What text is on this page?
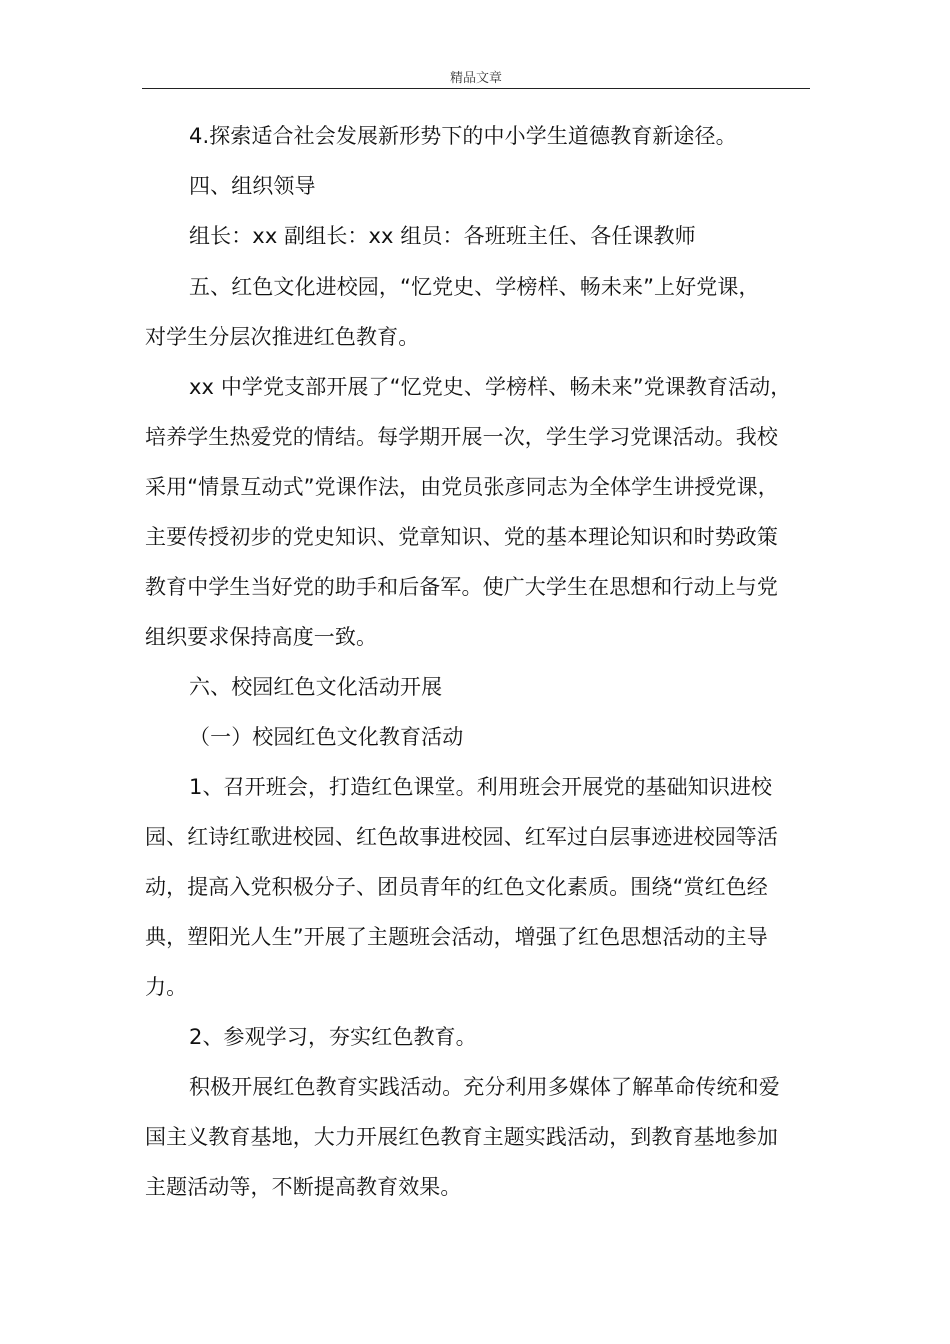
精品文章
4.探索适合社会发展新形势下的中小学生道德教育新途径。
四、组织领导
组长：xx 副组长：xx 组员：各班班主任、各任课教师
五、红色文化进校园，“忆党史、学榜样、畅未来”上好党课，
对学生分层次推进红色教育。
xx 中学党支部开展了“忆党史、学榜样、畅未来”党课教育活动，
培养学生热爱党的情结。每学期开展一次，学生学习党课活动。我校
采用“情景互动式”党课作法，由党员张彦同志为全体学生讲授党课，
主要传授初步的党史知识、党章知识、党的基本理论知识和时势政策
教育中学生当好党的助手和后备军。使广大学生在思想和行动上与党
组织要求保持高度一致。
六、校园红色文化活动开展
（一）校园红色文化教育活动
1、召开班会，打造红色课堂。利用班会开展党的基础知识进校
园、红诗红歌进校园、红色故事进校园、红军过白层事迹进校园等活
动，提高入党积极分子、团员青年的红色文化素质。围绕“赏红色经
典，塑阳光人生”开展了主题班会活动，增强了红色思想活动的主导
力。
2、参观学习，夯实红色教育。
积极开展红色教育实践活动。充分利用多媒体了解革命传统和爱
国主义教育基地，大力开展红色教育主题实践活动，到教育基地参加
主题活动等，不断提高教育效果。
